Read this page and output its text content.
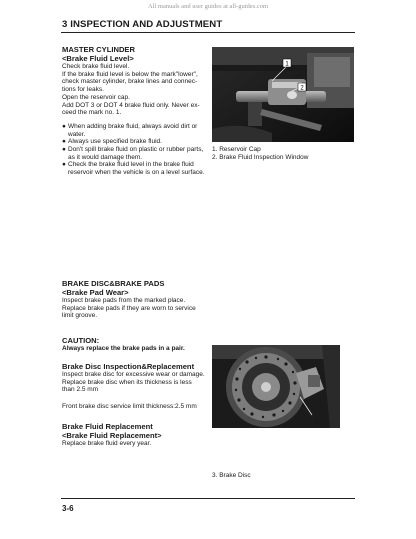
All manuals and user guides at all-guides.com
3 INSPECTION AND ADJUSTMENT
MASTER CYLINDER
<Brake Fluid Level>

Check brake fluid level.

If the brake fluid level is below the mark"lower",

check master cylinder, brake lines and connec-

tions for leaks.

Open the reservoir cap.

Add DOT 3 or DOT 4 brake fluid only. Never ex-

ceed the mark no. 1.

● When adding brake fluid, always avoid dirt or
water.
● Always use specified brake fluid.
● Don't spill brake fluid on plastic or rubber parts,
as it would damage them.
● Check the brake fluid level in the brake fluid
reservoir when the vehicle is on a level surface.
2
1
1. Reservoir Cap
2. Brake Fluid Inspection Window
BRAKE DISC&BRAKE PADS
<Brake Pad Wear>

Inspect brake pads from the marked place.

Replace brake pads if they are worn to service

limit groove.

CAUTION:
Always replace the brake pads in a pair.
Brake Disc Inspection&Replacement

Inspect brake disc for excessive wear or damage.

Replace brake disc when its thickness is less

than 2.5 mm

Front brake disc service limit thickness:2.5 mm

Brake Fluid Replacement
<Brake Fluid Replacement>

Replace brake fluid every year.

3
3. Brake Disc
3-6
